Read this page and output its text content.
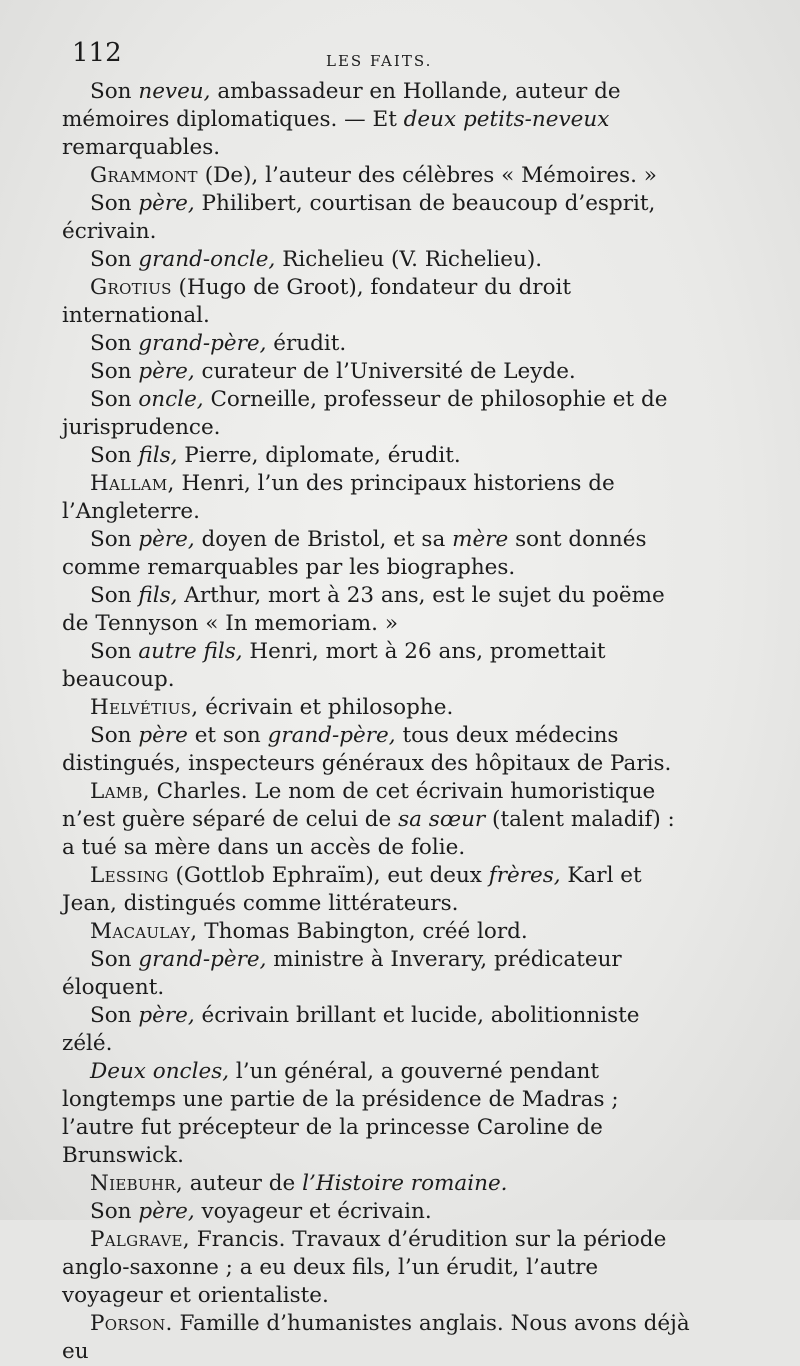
112	LES FAITS.

Son neveu, ambassadeur en Hollande, auteur de mémoires diplomatiques. — Et deux petits-neveux remarquables.

Grammont (De), l’auteur des célèbres « Mémoires. »

Son père, Philibert, courtisan de beaucoup d’esprit, écrivain.

Son grand-oncle, Richelieu (V. Richelieu).

Grotius (Hugo de Groot), fondateur du droit international.

Son grand-père, érudit.

Son père, curateur de l’Université de Leyde.

Son oncle, Corneille, professeur de philosophie et de jurisprudence.

Son fils, Pierre, diplomate, érudit.

Hallam, Henri, l’un des principaux historiens de l’Angleterre.

Son père, doyen de Bristol, et sa mère sont donnés comme remarquables par les biographes.

Son fils, Arthur, mort à 23 ans, est le sujet du poëme de Tennyson « In memoriam. »

Son autre fils, Henri, mort à 26 ans, promettait beaucoup.

Helvétius, écrivain et philosophe.

Son père et son grand-père, tous deux médecins distingués, inspecteurs généraux des hôpitaux de Paris.

Lamb, Charles. Le nom de cet écrivain humoristique n’est guère séparé de celui de sa sœur (talent maladif) : a tué sa mère dans un accès de folie.

Lessing (Gottlob Ephraïm), eut deux frères, Karl et Jean, distingués comme littérateurs.

Macaulay, Thomas Babington, créé lord.

Son grand-père, ministre à Inverary, prédicateur éloquent.

Son père, écrivain brillant et lucide, abolitionniste zélé.

Deux oncles, l’un général, a gouverné pendant longtemps une partie de la présidence de Madras ; l’autre fut précepteur de la princesse Caroline de Brunswick.

Niebuhr, auteur de l’Histoire romaine.

Son père, voyageur et écrivain.

Palgrave, Francis. Travaux d’érudition sur la période anglo-saxonne ; a eu deux fils, l’un érudit, l’autre voyageur et orientaliste.

Porson. Famille d’humanistes anglais. Nous avons déjà eu
